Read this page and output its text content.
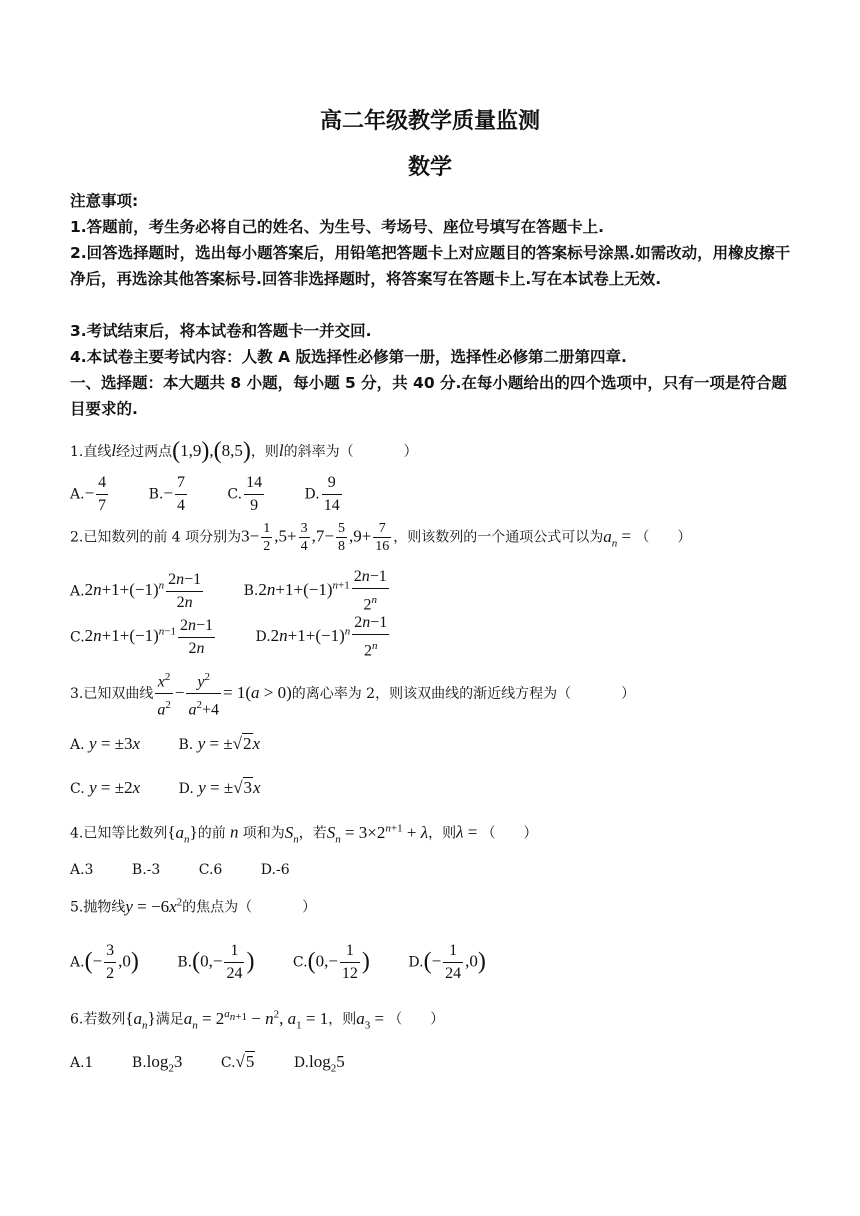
高二年级教学质量监测
数学
注意事项:
1.答题前，考生务必将自己的姓名、为生号、考场号、座位号填写在答题卡上.
2.回答选择题时，选出每小题答案后，用铅笔把答题卡上对应题目的答案标号涂黑.如需改动，用橡皮擦干净后，再选涂其他答案标号.回答非选择题时，将答案写在答题卡上.写在本试卷上无效.
3.考试结束后，将本试卷和答题卡一并交回.
4.本试卷主要考试内容：人教 A 版选择性必修第一册，选择性必修第二册第四章.
一、选择题：本大题共 8 小题，每小题 5 分，共 40 分.在每小题给出的四个选项中，只有一项是符合题目要求的.
1.直线l经过两点(1,9),(8,5)，则l的斜率为（	）
$A.- \frac{4}{7}$	$B.- \frac{7}{4}$	C. $\frac{14}{9}$	D. $\frac{9}{14}$
2.已知数列的前 4 项分别为$3- \frac{1}{2} ,5+ \frac{3}{4} ,7- \frac{5}{8} ,9+ \frac{7}{16}$ ，则该数列的一个通项公式可以为$a_n$ = （　　）
$A.2n+1+(-1)^n \frac{2n-1}{2n}$	$B.2n+1+(-1)^{n+1} \frac{2n-1}{2^n}$
$C.2n+1+(-1)^{n-1} \frac{2n-1}{2n}$	$D.2n+1+(-1)^n \frac{2n-1}{2^n}$
3.已知双曲线 $\frac{x^2}{a^2} - \frac{y^2}{a^2+4} = 1(a > 0)$的离心率为 2，则该双曲线的渐近线方程为（	）
A. y = ±3x	B. y = ±√2x
C. y = ±2x	D. y = ±√3x
4.已知等比数列$\{a_n\}$的前 n 项和为$S_n$，若$S_n = 3\times 2^{n+1} + \lambda$，则λ = （　　）
A.3	B.-3	C.6	D.-6
5.抛物线$y = -6x^2$的焦点为（	）
$A.(- \frac{3}{2} ,0)$	$B.(0,- \frac{1}{24}$ )	$C.(0,- \frac{1}{12}$ )	$D.(- \frac{1}{24} ,0)$
6.若数列$\{a_n\}$满足$a_n = 2^{a_{n+1}} - n^2$, $a_1 = 1$，则$a_3$ = （　　）
A.1	$B.\log_23$	C.√5	$D.\log_25$
